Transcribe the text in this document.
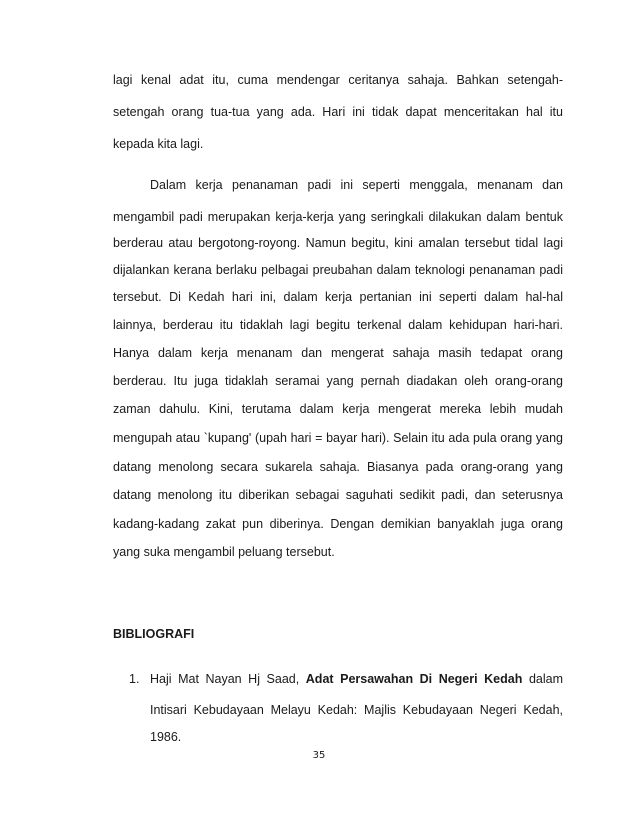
lagi kenal adat itu, cuma mendengar ceritanya sahaja. Bahkan setengah-
setengah orang tua-tua yang ada. Hari ini tidak dapat menceritakan hal itu
kepada kita lagi.
Dalam kerja penanaman padi ini seperti menggala, menanam dan
mengambil padi merupakan kerja-kerja yang seringkali dilakukan dalam bentuk
berderau atau bergotong-royong. Namun begitu, kini amalan tersebut tidal lagi
dijalankan kerana berlaku pelbagai preubahan dalam teknologi penanaman padi
tersebut. Di Kedah hari ini, dalam kerja pertanian ini seperti dalam hal-hal
lainnya, berderau itu tidaklah lagi begitu terkenal dalam kehidupan hari-hari.
Hanya dalam kerja menanam dan mengerat sahaja masih tedapat orang
berderau. Itu juga tidaklah seramai yang pernah diadakan oleh orang-orang
zaman dahulu. Kini, terutama dalam kerja mengerat mereka lebih mudah
mengupah atau `kupang' (upah hari = bayar hari). Selain itu ada pula orang yang
datang menolong secara sukarela sahaja. Biasanya pada orang-orang yang
datang menolong itu diberikan sebagai saguhati sedikit padi, dan seterusnya
kadang-kadang zakat pun diberinya. Dengan demikian banyaklah juga orang
yang suka mengambil peluang tersebut.
BIBLIOGRAFI
1. Haji Mat Nayan Hj Saad, Adat Persawahan Di Negeri Kedah dalam
Intisari Kebudayaan Melayu Kedah: Majlis Kebudayaan Negeri Kedah,
1986.
35
